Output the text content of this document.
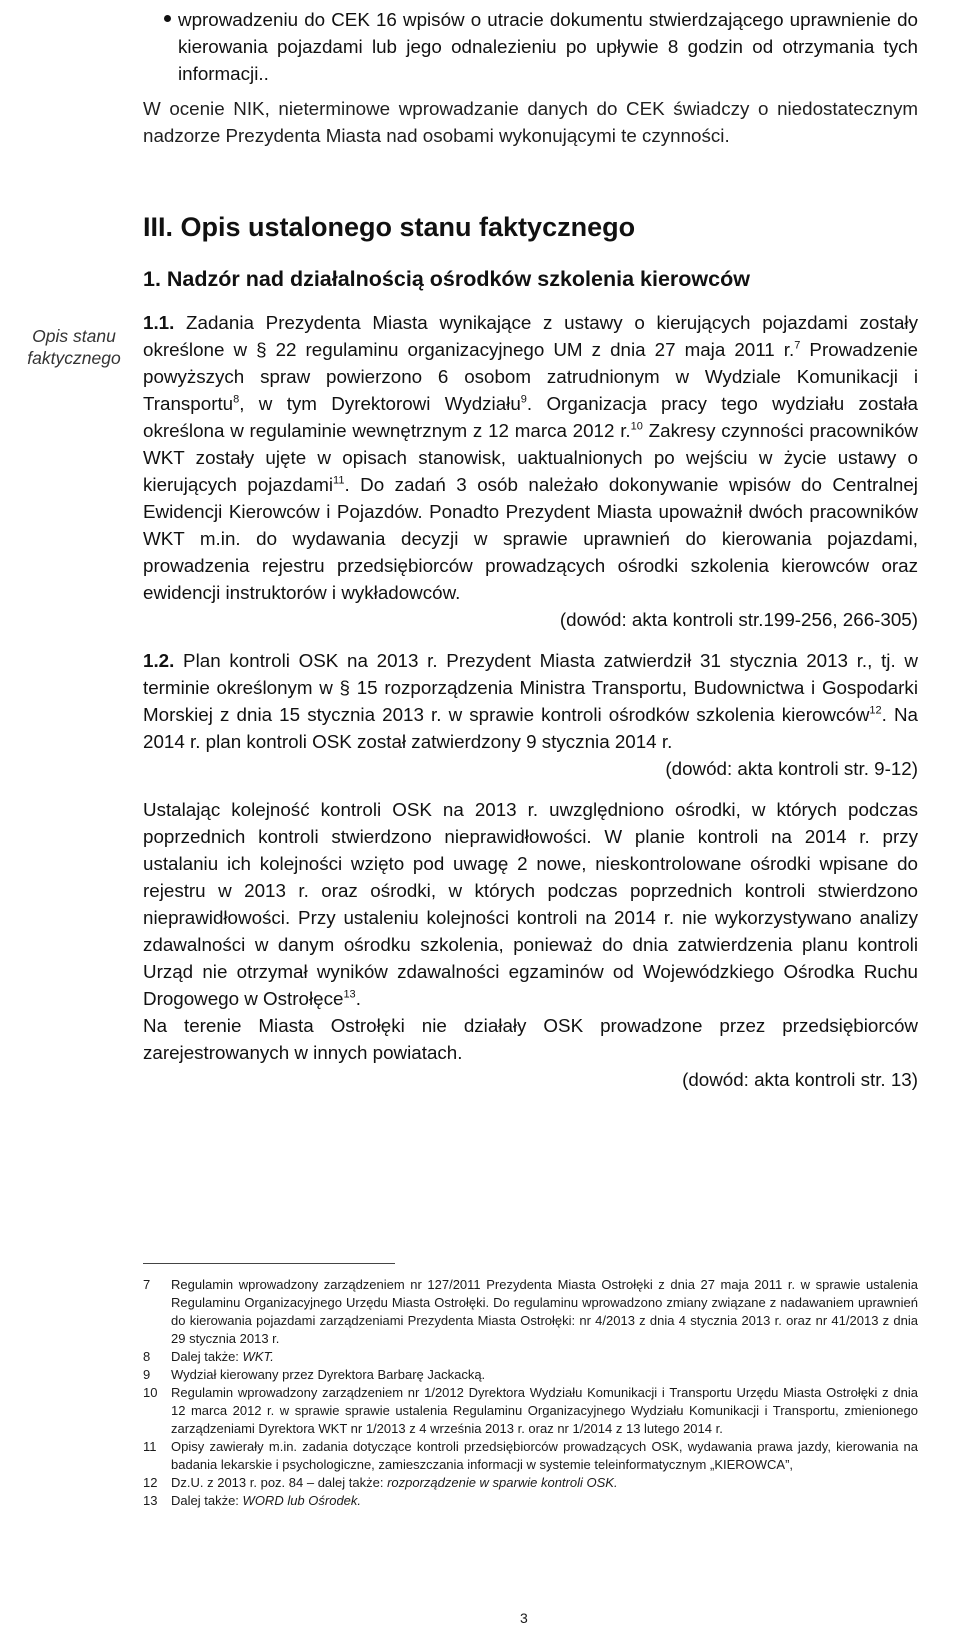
wprowadzeniu do CEK 16 wpisów o utracie dokumentu stwierdzającego uprawnienie do kierowania pojazdami lub jego odnalezieniu po upływie 8 godzin od otrzymania tych informacji..

W ocenie NIK, nieterminowe wprowadzanie danych do CEK świadczy o niedostatecznym nadzorze Prezydenta Miasta nad osobami wykonującymi te czynności.

III. Opis ustalonego stanu faktycznego
1. Nadzór nad działalnością ośrodków szkolenia kierowców
Opis stanu
faktycznego

1.1. Zadania Prezydenta Miasta wynikające z ustawy o kierujących pojazdami zostały określone w § 22 regulaminu organizacyjnego UM z dnia 27 maja 2011 r.$^7$ Prowadzenie powyższych spraw powierzono 6 osobom zatrudnionym w Wydziale Komunikacji i Transportu$^8$, w tym Dyrektorowi Wydziału$^9$. Organizacja pracy tego wydziału została określona w regulaminie wewnętrznym z 12 marca 2012 r.$^{10}$ Zakresy czynności pracowników WKT zostały ujęte w opisach stanowisk, uaktualnionych po wejściu w życie ustawy o kierujących pojazdami$^{11}$. Do zadań 3 osób należało dokonywanie wpisów do Centralnej Ewidencji Kierowców i Pojazdów. Ponadto Prezydent Miasta upoważnił dwóch pracowników WKT m.in. do wydawania decyzji w sprawie uprawnień do kierowania pojazdami, prowadzenia rejestru przedsiębiorców prowadzących ośrodki szkolenia kierowców oraz ewidencji instruktorów i wykładowców.

(dowód: akta kontroli str.199-256, 266-305)

1.2. Plan kontroli OSK na 2013 r. Prezydent Miasta zatwierdził 31 stycznia 2013 r., tj. w terminie określonym w § 15 rozporządzenia Ministra Transportu, Budownictwa i Gospodarki Morskiej z dnia 15 stycznia 2013 r. w sprawie kontroli ośrodków szkolenia kierowców$^{12}$. Na 2014 r. plan kontroli OSK został zatwierdzony 9 stycznia 2014 r.

(dowód: akta kontroli str. 9-12)

Ustalając kolejność kontroli OSK na 2013 r. uwzględniono ośrodki, w których podczas poprzednich kontroli stwierdzono nieprawidłowości. W planie kontroli na 2014 r. przy ustalaniu ich kolejności wzięto pod uwagę 2 nowe, nieskontrolowane ośrodki wpisane do rejestru w 2013 r. oraz ośrodki, w których podczas poprzednich kontroli stwierdzono nieprawidłowości. Przy ustaleniu kolejności kontroli na 2014 r. nie wykorzystywano analizy zdawalności w danym ośrodku szkolenia, ponieważ do dnia zatwierdzenia planu kontroli Urząd nie otrzymał wyników zdawalności egzaminów od Wojewódzkiego Ośrodka Ruchu Drogowego w Ostrołęce$^{13}$.

Na terenie Miasta Ostrołęki nie działały OSK prowadzone przez przedsiębiorców zarejestrowanych w innych powiatach.

(dowód: akta kontroli str. 13)

7	Regulamin wprowadzony zarządzeniem nr 127/2011 Prezydenta Miasta Ostrołęki z dnia 27 maja 2011 r. w sprawie ustalenia Regulaminu Organizacyjnego Urzędu Miasta Ostrołęki. Do regulaminu wprowadzono zmiany związane z nadawaniem uprawnień do kierowania pojazdami zarządzeniami Prezydenta Miasta Ostrołęki: nr 4/2013 z dnia 4 stycznia 2013 r. oraz nr 41/2013 z dnia 29 stycznia 2013 r.
8	Dalej także: WKT.
9	Wydział kierowany przez Dyrektora Barbarę Jackacką.
10	Regulamin wprowadzony zarządzeniem nr 1/2012 Dyrektora Wydziału Komunikacji i Transportu Urzędu Miasta Ostrołęki z dnia 12 marca 2012 r. w sprawie sprawie ustalenia Regulaminu Organizacyjnego Wydziału Komunikacji i Transportu, zmienionego zarządzeniami Dyrektora WKT nr 1/2013 z 4 września 2013 r. oraz nr 1/2014 z 13 lutego 2014 r.
11	Opisy zawierały m.in. zadania dotyczące kontroli przedsiębiorców prowadzących OSK, wydawania prawa jazdy, kierowania na badania lekarskie i psychologiczne, zamieszczania informacji w systemie teleinformatycznym „KIEROWCA”,
12	Dz.U. z 2013 r. poz. 84 – dalej także: rozporządzenie w sparwie kontroli OSK.
13	Dalej także: WORD lub Ośrodek.
3
